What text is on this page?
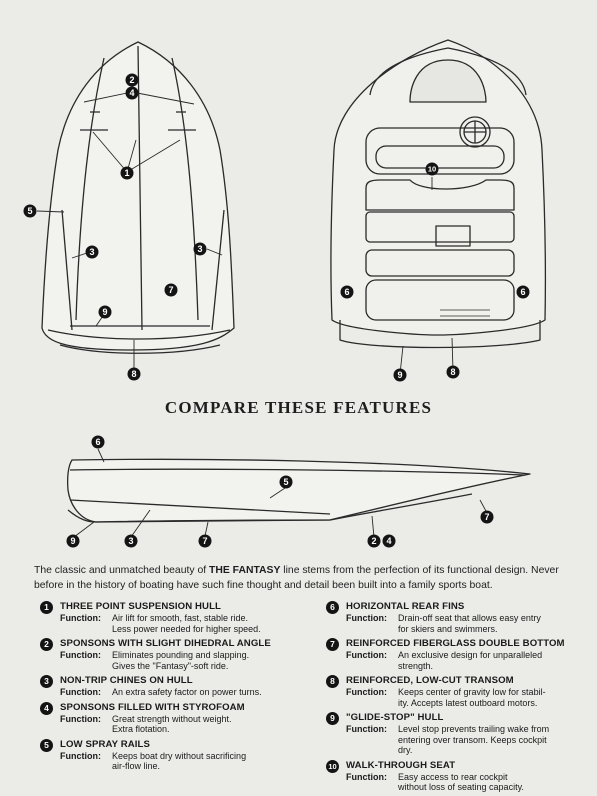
2
4
1
5
3	3
7
9
8
10
6	6
9	8
6
5
9	3	7	2 4
7
COMPARE THESE FEATURES

The classic and unmatched beauty of THE FANTASY line stems from the perfection of its functional design. Never before in the history of boating have such fine thought and detail been built into a family sports boat.

1	THREE POINT SUSPENSION HULL
Function:	Air lift for smooth, fast, stable ride.
Less power needed for higher speed.
2	SPONSONS WITH SLIGHT DIHEDRAL ANGLE
Function:	Eliminates pounding and slapping.
Gives the "Fantasy"-soft ride.
3	NON-TRIP CHINES ON HULL
Function:	An extra safety factor on power turns.
4	SPONSONS FILLED WITH STYROFOAM
Function:	Great strength without weight.
Extra flotation.
5	LOW SPRAY RAILS
Function:	Keeps boat dry without sacrificing
air-flow line.
6	HORIZONTAL REAR FINS
Function:	Drain-off seat that allows easy entry
for skiers and swimmers.
7	REINFORCED FIBERGLASS DOUBLE BOTTOM
Function:	An exclusive design for unparalleled
strength.
8	REINFORCED, LOW-CUT TRANSOM
Function:	Keeps center of gravity low for stabil-
ity. Accepts latest outboard motors.
9	"GLIDE-STOP" HULL
Function:	Level stop prevents trailing wake from
entering over transom. Keeps cockpit
dry.
10 WALK-THROUGH SEAT
Function:	Easy access to rear cockpit
without loss of seating capacity.
